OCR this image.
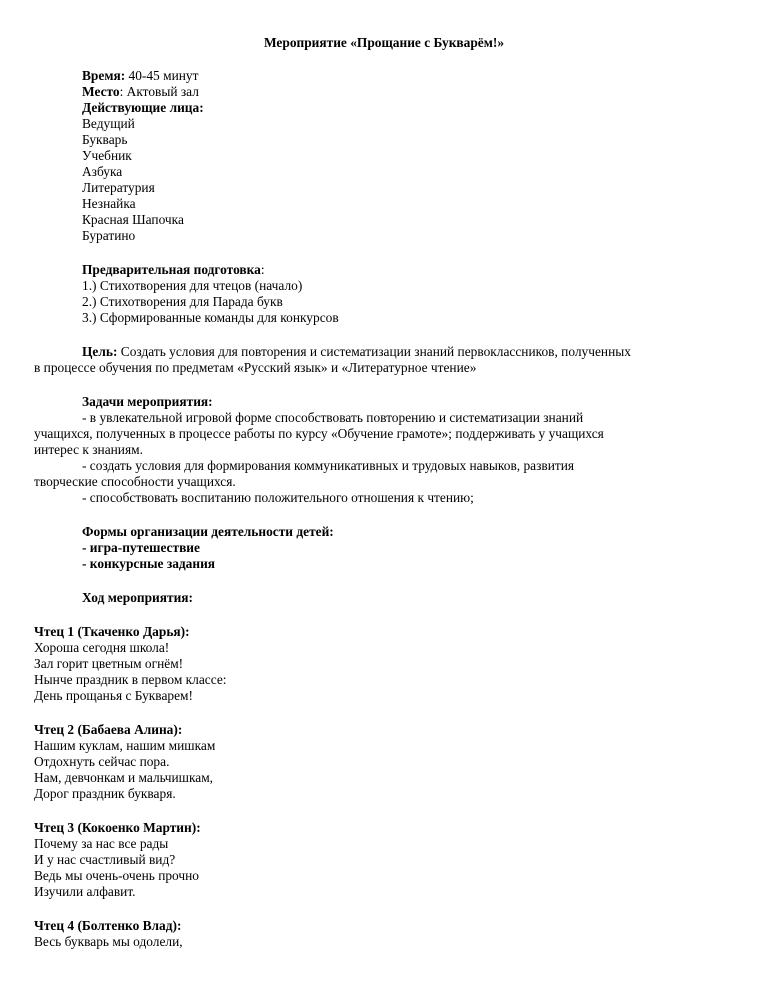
Мероприятие «Прощание с Букварём!»
Время: 40-45 минут
Место: Актовый зал
Действующие лица:
Ведущий
Букварь
Учебник
Азбука
Литературия
Незнайка
Красная Шапочка
Буратино
Предварительная подготовка:
1.) Стихотворения для чтецов (начало)
2.) Стихотворения для Парада букв
3.) Сформированные команды для конкурсов
Цель: Создать условия для повторения и систематизации знаний первоклассников, полученных
в процессе обучения по предметам «Русский язык» и «Литературное чтение»
Задачи мероприятия:
- в увлекательной игровой форме способствовать повторению и систематизации знаний
учащихся, полученных в процессе работы по курсу «Обучение грамоте»; поддерживать у учащихся
интерес к знаниям.
- создать условия для формирования коммуникативных и трудовых навыков, развития
творческие способности учащихся.
- способствовать воспитанию положительного отношения к чтению;
Формы организации деятельности детей:
- игра-путешествие
- конкурсные задания
Ход мероприятия:
Чтец 1 (Ткаченко Дарья):
Хороша сегодня школа!
Зал горит цветным огнём!
Нынче праздник в первом классе:
День прощанья с Букварем!
Чтец 2 (Бабаева Алина):
Нашим куклам, нашим мишкам
Отдохнуть сейчас пора.
Нам, девчонкам и мальчишкам,
Дорог праздник букваря.
Чтец 3 (Кокоенко Мартин):
Почему за нас все рады
И у нас счастливый вид?
Ведь мы очень-очень прочно
Изучили алфавит.
Чтец 4 (Болтенко Влад):
Весь букварь мы одолели,
